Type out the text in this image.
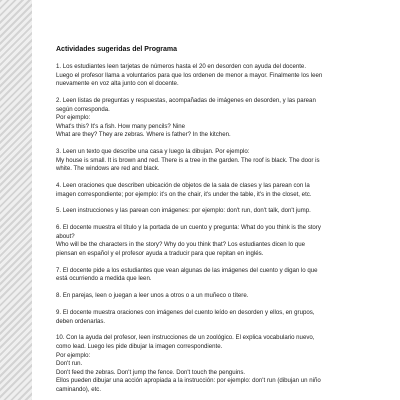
Actividades sugeridas del Programa
1. Los estudiantes leen tarjetas de números hasta el 20 en desorden con ayuda del docente.
Luego el profesor llama a voluntarios para que los ordenen de menor a mayor. Finalmente los leen
nuevamente en voz alta junto con el docente.
2. Leen listas de preguntas y respuestas, acompañadas de imágenes en desorden, y las parean
según corresponda.
Por ejemplo:
What's this? It's a fish. How many pencils? Nine
What are they? They are zebras. Where is father? In the kitchen.
3. Leen un texto que describe una casa y luego la dibujan. Por ejemplo:
My house is small. It is brown and red. There is a tree in the garden. The roof is black. The door is
white. The windows are red and black.
4. Leen oraciones que describen ubicación de objetos de la sala de clases y las parean con la
imagen correspondiente; por ejemplo: it's on the chair, it's under the table, it's in the closet, etc.
5. Leen instrucciones y las parean con imágenes: por ejemplo: don't run, don't talk, don't jump.
6. El docente muestra el título y la portada de un cuento y pregunta: What do you think is the story
about?
Who will be the characters in the story? Why do you think that? Los estudiantes dicen lo que
piensan en español y el profesor ayuda a traducir para que repitan en inglés.
7. El docente pide a los estudiantes que vean algunas de las imágenes del cuento y digan lo que
está ocurriendo a medida que leen.
8. En parejas, leen o juegan a leer unos a otros o a un muñeco o títere.
9. El docente muestra oraciones con imágenes del cuento leído en desorden y ellos, en grupos,
deben ordenarlas.
10. Con la ayuda del profesor, leen instrucciones de un zoológico. El explica vocabulario nuevo,
como lead. Luego les pide dibujar la imagen correspondiente.
Por ejemplo:
Don't run.
Don't feed the zebras. Don't jump the fence. Don't touch the penguins.
Ellos pueden dibujar una acción apropiada a la instrucción: por ejemplo: don't run (dibujan un niño
caminando), etc.
